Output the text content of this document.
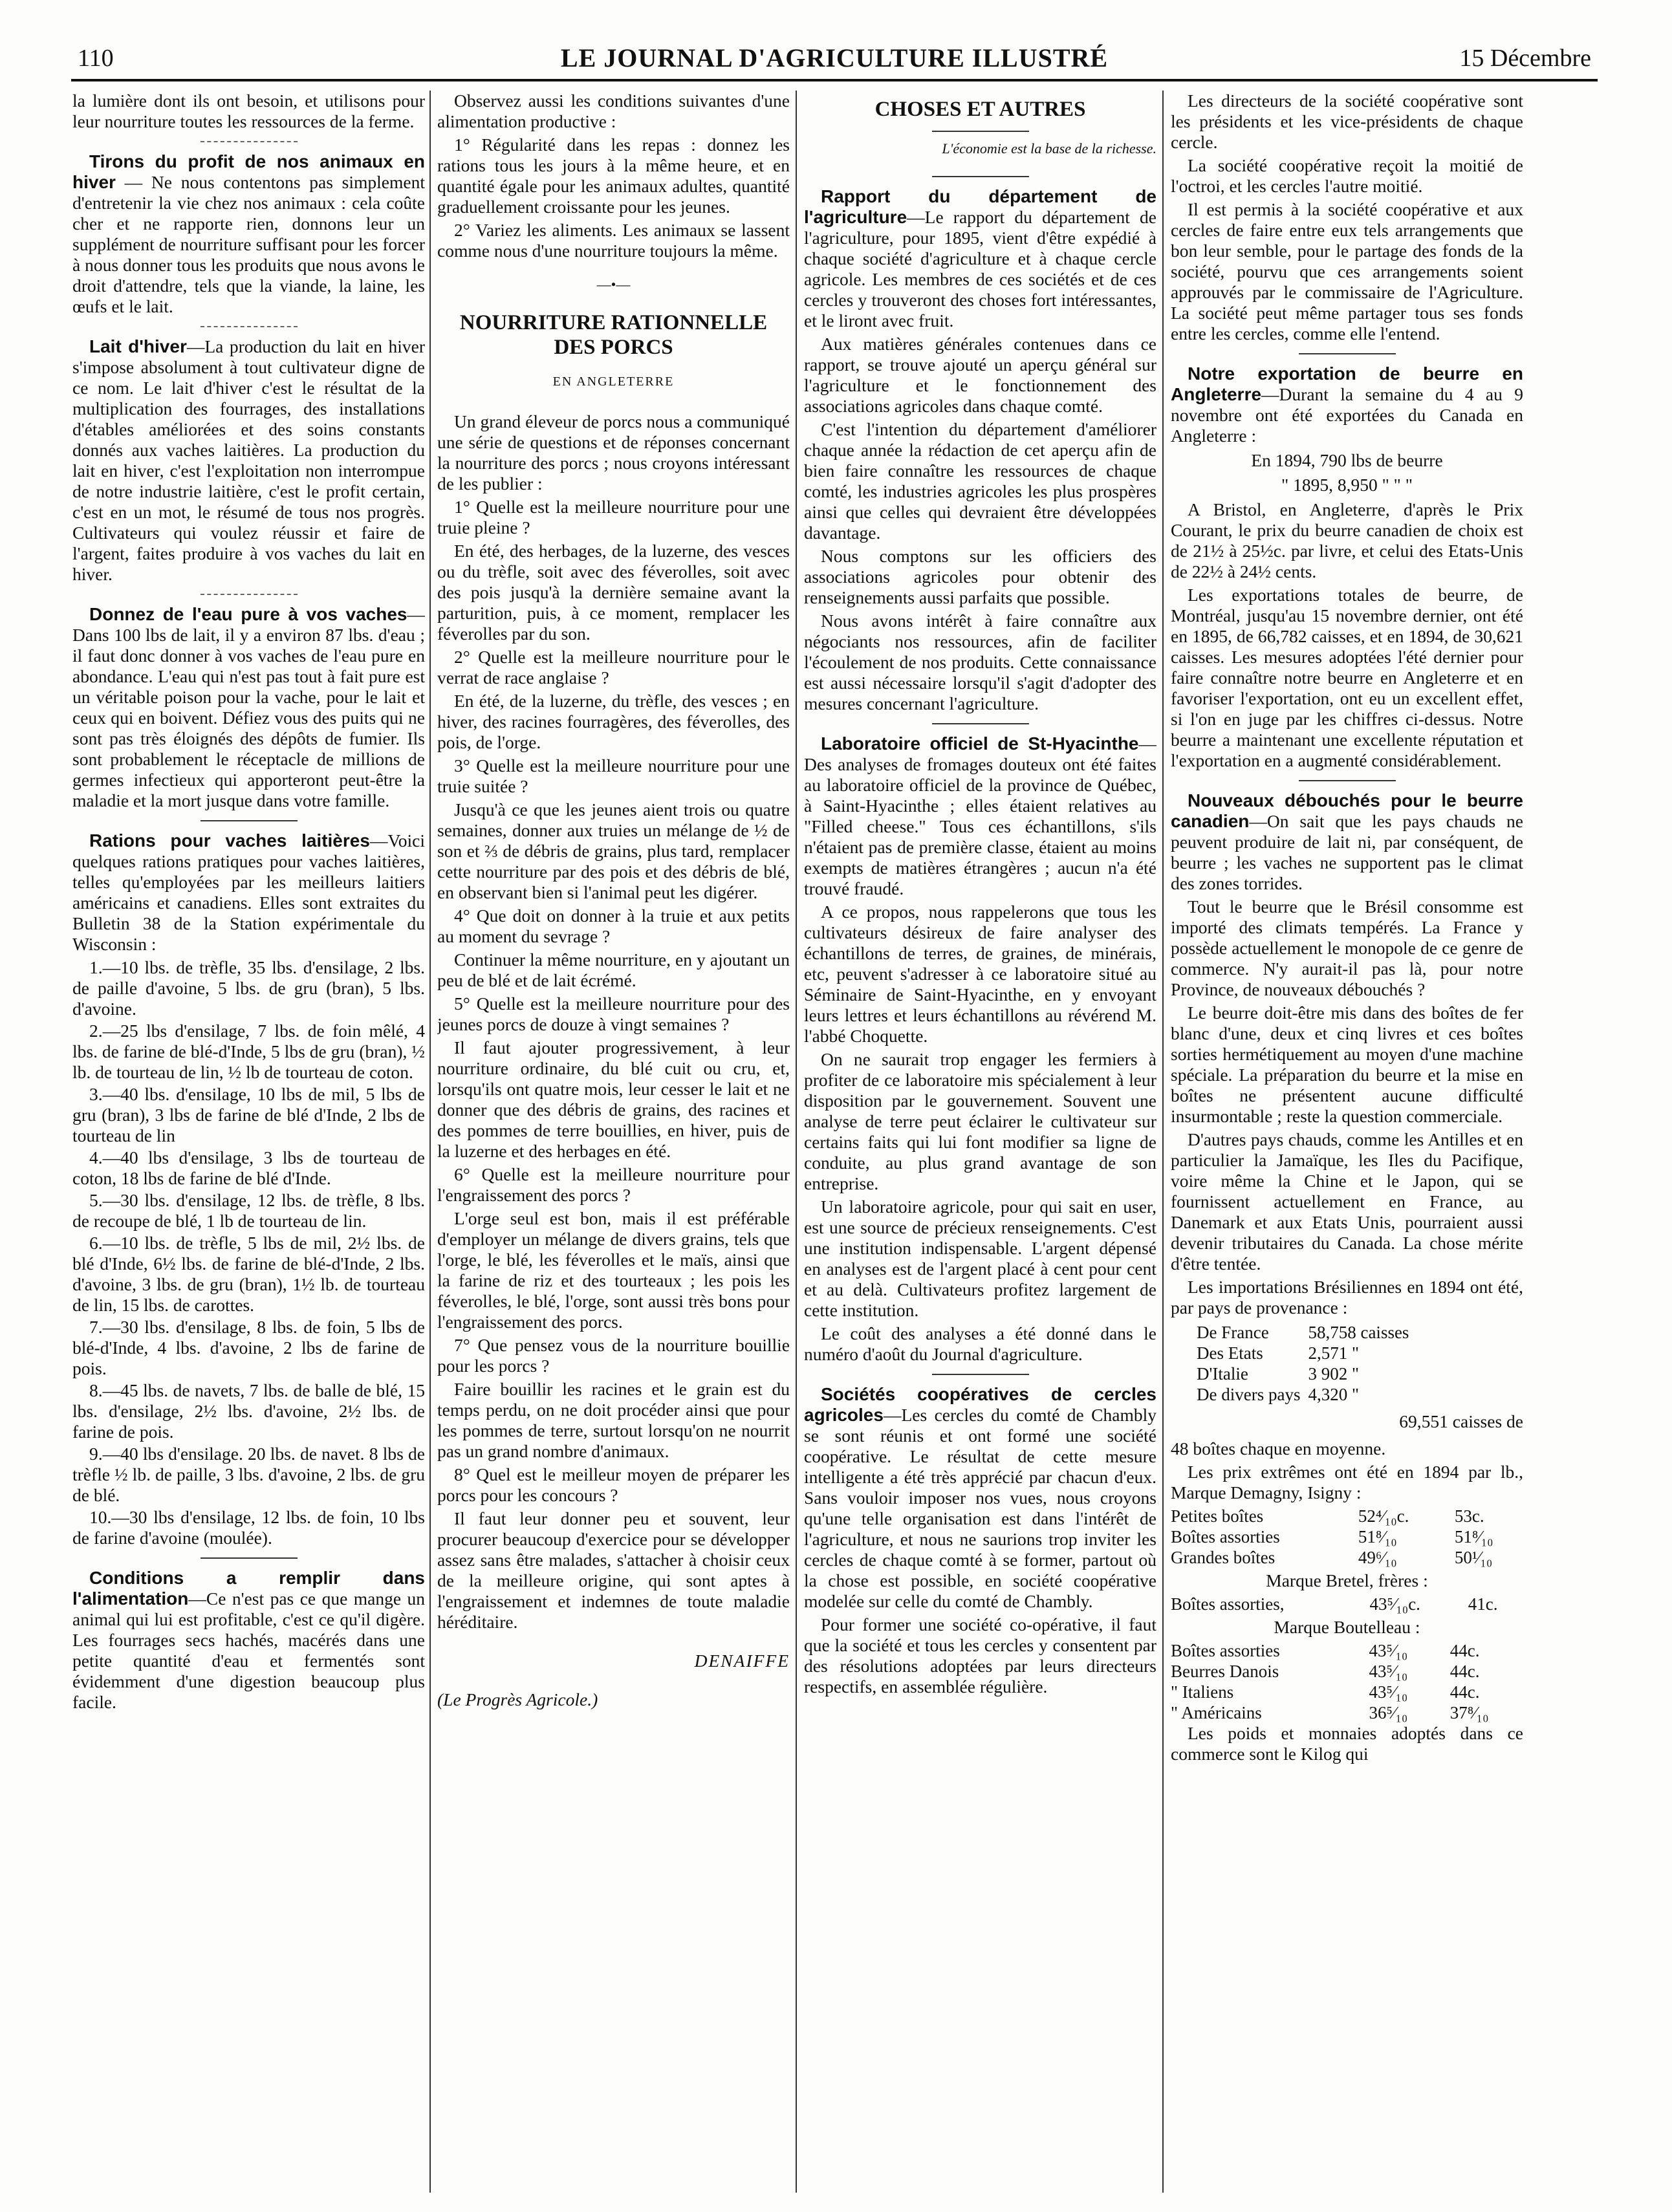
110	LE JOURNAL D'AGRICULTURE ILLUSTRÉ	15 Décembre

la lumière dont ils ont besoin, et utilisons pour leur nourriture toutes les ressources de la ferme.

Tirons du profit de nos animaux en hiver — Ne nous contentons pas simplement d'entretenir la vie chez nos animaux : cela coûte cher et ne rapporte rien, donnons leur un supplément de nourriture suffisant pour les forcer à nous donner tous les produits que nous avons le droit d'attendre, tels que la viande, la laine, les œufs et le lait.

Lait d'hiver—La production du lait en hiver s'impose absolument à tout cultivateur digne de ce nom. Le lait d'hiver c'est le résultat de la multiplication des fourrages, des installations d'étables améliorées et des soins constants donnés aux vaches laitières. La production du lait en hiver, c'est l'exploitation non interrompue de notre industrie laitière, c'est le profit certain, c'est en un mot, le résumé de tous nos progrès. Cultivateurs qui voulez réussir et faire de l'argent, faites produire à vos vaches du lait en hiver.

Donnez de l'eau pure à vos vaches—Dans 100 lbs de lait, il y a environ 87 lbs. d'eau ; il faut donc donner à vos vaches de l'eau pure en abondance. L'eau qui n'est pas tout à fait pure est un véritable poison pour la vache, pour le lait et ceux qui en boivent. Défiez vous des puits qui ne sont pas très éloignés des dépôts de fumier. Ils sont probablement le réceptacle de millions de germes infectieux qui apporteront peut-être la maladie et la mort jusque dans votre famille.

Rations pour vaches laitières—Voici quelques rations pratiques pour vaches laitières, telles qu'employées par les meilleurs laitiers américains et canadiens. Elles sont extraites du Bulletin 38 de la Station expérimentale du Wisconsin :

1.—10 lbs. de trèfle, 35 lbs. d'ensilage, 2 lbs. de paille d'avoine, 5 lbs. de gru (bran), 5 lbs. d'avoine.
2.—25 lbs d'ensilage, 7 lbs. de foin mêlé, 4 lbs. de farine de blé-d'Inde, 5 lbs de gru (bran), ½ lb. de tourteau de lin, ½ lb de tourteau de coton.
3.—40 lbs. d'ensilage, 10 lbs de mil, 5 lbs de gru (bran), 3 lbs de farine de blé d'Inde, 2 lbs de tourteau de lin
4.—40 lbs d'ensilage, 3 lbs de tourteau de coton, 18 lbs de farine de blé d'Inde.
5.—30 lbs. d'ensilage, 12 lbs. de trèfle, 8 lbs. de recoupe de blé, 1 lb de tourteau de lin.
6.—10 lbs. de trèfle, 5 lbs de mil, 2½ lbs. de blé d'Inde, 6½ lbs. de farine de blé-d'Inde, 2 lbs. d'avoine, 3 lbs. de gru (bran), 1½ lb. de tourteau de lin, 15 lbs. de carottes.
7.—30 lbs. d'ensilage, 8 lbs. de foin, 5 lbs de blé-d'Inde, 4 lbs. d'avoine, 2 lbs de farine de pois.
8.—45 lbs. de navets, 7 lbs. de balle de blé, 15 lbs. d'ensilage, 2½ lbs. d'avoine, 2½ lbs. de farine de pois.
9.—40 lbs d'ensilage. 20 lbs. de navet. 8 lbs de trèfle ½ lb. de paille, 3 lbs. d'avoine, 2 lbs. de gru de blé.
10.—30 lbs d'ensilage, 12 lbs. de foin, 10 lbs de farine d'avoine (moulée).

Conditions a remplir dans l'alimentation—Ce n'est pas ce que mange un animal qui lui est profitable, c'est ce qu'il digère. Les fourrages secs hachés, macérés dans une petite quantité d'eau et fermentés sont évidemment d'une digestion beaucoup plus facile.

Observez aussi les conditions suivantes d'une alimentation productive :

1° Régularité dans les repas : donnez les rations tous les jours à la même heure, et en quantité égale pour les animaux adultes, quantité graduellement croissante pour les jeunes.

2° Variez les aliments. Les animaux se lassent comme nous d'une nourriture toujours la même.

—•—
NOURRITURE RATIONNELLE DES PORCS
EN ANGLETERRE

Un grand éleveur de porcs nous a communiqué une série de questions et de réponses concernant la nourriture des porcs ; nous croyons intéressant de les publier :

1° Quelle est la meilleure nourriture pour une truie pleine ?

En été, des herbages, de la luzerne, des vesces ou du trèfle, soit avec des féverolles, soit avec des pois jusqu'à la dernière semaine avant la parturition, puis, à ce moment, remplacer les féverolles par du son.

2° Quelle est la meilleure nourriture pour le verrat de race anglaise ?

En été, de la luzerne, du trèfle, des vesces ; en hiver, des racines fourragères, des féverolles, des pois, de l'orge.

3° Quelle est la meilleure nourriture pour une truie suitée ?

Jusqu'à ce que les jeunes aient trois ou quatre semaines, donner aux truies un mélange de ½ de son et ⅔ de débris de grains, plus tard, remplacer cette nourriture par des pois et des débris de blé, en observant bien si l'animal peut les digérer.

4° Que doit on donner à la truie et aux petits au moment du sevrage ?

Continuer la même nourriture, en y ajoutant un peu de blé et de lait écrémé.

5° Quelle est la meilleure nourriture pour des jeunes porcs de douze à vingt semaines ?

Il faut ajouter progressivement, à leur nourriture ordinaire, du blé cuit ou cru, et, lorsqu'ils ont quatre mois, leur cesser le lait et ne donner que des débris de grains, des racines et des pommes de terre bouillies, en hiver, puis de la luzerne et des herbages en été.

6° Quelle est la meilleure nourriture pour l'engraissement des porcs ?

L'orge seul est bon, mais il est préférable d'employer un mélange de divers grains, tels que l'orge, le blé, les féverolles et le maïs, ainsi que la farine de riz et des tourteaux ; les pois les féverolles, le blé, l'orge, sont aussi très bons pour l'engraissement des porcs.

7° Que pensez vous de la nourriture bouillie pour les porcs ?

Faire bouillir les racines et le grain est du temps perdu, on ne doit procéder ainsi que pour les pommes de terre, surtout lorsqu'on ne nourrit pas un grand nombre d'animaux.

8° Quel est le meilleur moyen de préparer les porcs pour les concours ?

Il faut leur donner peu et souvent, leur procurer beaucoup d'exercice pour se développer assez sans être malades, s'attacher à choisir ceux de la meilleure origine, qui sont aptes à l'engraissement et indemnes de toute maladie héréditaire.

DENAIFFE
(Le Progrès Agricole.)
CHOSES ET AUTRES
L'économie est la base de la richesse.

Rapport du département de l'agriculture—Le rapport du département de l'agriculture, pour 1895, vient d'être expédié à chaque société d'agriculture et à chaque cercle agricole. Les membres de ces sociétés et de ces cercles y trouveront des choses fort intéressantes, et le liront avec fruit.

Aux matières générales contenues dans ce rapport, se trouve ajouté un aperçu général sur l'agriculture et le fonctionnement des associations agricoles dans chaque comté.

C'est l'intention du département d'améliorer chaque année la rédaction de cet aperçu afin de bien faire connaître les ressources de chaque comté, les industries agricoles les plus prospères ainsi que celles qui devraient être développées davantage.

Nous comptons sur les officiers des associations agricoles pour obtenir des renseignements aussi parfaits que possible.

Nous avons intérêt à faire connaître aux négociants nos ressources, afin de faciliter l'écoulement de nos produits. Cette connaissance est aussi nécessaire lorsqu'il s'agit d'adopter des mesures concernant l'agriculture.

Laboratoire officiel de St-Hyacinthe—Des analyses de fromages douteux ont été faites au laboratoire officiel de la province de Québec, à Saint-Hyacinthe ; elles étaient relatives au "Filled cheese." Tous ces échantillons, s'ils n'étaient pas de première classe, étaient au moins exempts de matières étrangères ; aucun n'a été trouvé fraudé.

A ce propos, nous rappelerons que tous les cultivateurs désireux de faire analyser des échantillons de terres, de graines, de minérais, etc, peuvent s'adresser à ce laboratoire situé au Séminaire de Saint-Hyacinthe, en y envoyant leurs lettres et leurs échantillons au révérend M. l'abbé Choquette.

On ne saurait trop engager les fermiers à profiter de ce laboratoire mis spécialement à leur disposition par le gouvernement. Souvent une analyse de terre peut éclairer le cultivateur sur certains faits qui lui font modifier sa ligne de conduite, au plus grand avantage de son entreprise.

Un laboratoire agricole, pour qui sait en user, est une source de précieux renseignements. C'est une institution indispensable. L'argent dépensé en analyses est de l'argent placé à cent pour cent et au delà. Cultivateurs profitez largement de cette institution.

Le coût des analyses a été donné dans le numéro d'août du Journal d'agriculture.

Sociétés coopératives de cercles agricoles—Les cercles du comté de Chambly se sont réunis et ont formé une société coopérative. Le résultat de cette mesure intelligente a été très apprécié par chacun d'eux. Sans vouloir imposer nos vues, nous croyons qu'une telle organisation est dans l'intérêt de l'agriculture, et nous ne saurions trop inviter les cercles de chaque comté à se former, partout où la chose est possible, en société coopérative modelée sur celle du comté de Chambly.

Pour former une société co-opérative, il faut que la société et tous les cercles y consentent par des résolutions adoptées par leurs directeurs respectifs, en assemblée régulière.

Les directeurs de la société coopérative sont les présidents et les vice-présidents de chaque cercle.

La société coopérative reçoit la moitié de l'octroi, et les cercles l'autre moitié.

Il est permis à la société coopérative et aux cercles de faire entre eux tels arrangements que bon leur semble, pour le partage des fonds de la société, pourvu que ces arrangements soient approuvés par le commissaire de l'Agriculture. La société peut même partager tous ses fonds entre les cercles, comme elle l'entend.

Notre exportation de beurre en Angleterre—Durant la semaine du 4 au 9 novembre ont été exportées du Canada en Angleterre :

En 1894, 790 lbs de beurre
" 1895, 8,950 " " "

A Bristol, en Angleterre, d'après le Prix Courant, le prix du beurre canadien de choix est de 21½ à 25½c. par livre, et celui des Etats-Unis de 22½ à 24½ cents.

Les exportations totales de beurre, de Montréal, jusqu'au 15 novembre dernier, ont été en 1895, de 66,782 caisses, et en 1894, de 30,621 caisses. Les mesures adoptées l'été dernier pour faire connaître notre beurre en Angleterre et en favoriser l'exportation, ont eu un excellent effet, si l'on en juge par les chiffres ci-dessus. Notre beurre a maintenant une excellente réputation et l'exportation en a augmenté considérablement.

Nouveaux débouchés pour le beurre canadien—On sait que les pays chauds ne peuvent produire de lait ni, par conséquent, de beurre ; les vaches ne supportent pas le climat des zones torrides.

Tout le beurre que le Brésil consomme est importé des climats tempérés. La France y possède actuellement le monopole de ce genre de commerce. N'y aurait-il pas là, pour notre Province, de nouveaux débouchés ?

Le beurre doit-être mis dans des boîtes de fer blanc d'une, deux et cinq livres et ces boîtes sorties hermétiquement au moyen d'une machine spéciale. La préparation du beurre et la mise en boîtes ne présentent aucune difficulté insurmontable ; reste la question commerciale.

D'autres pays chauds, comme les Antilles et en particulier la Jamaïque, les Iles du Pacifique, voire même la Chine et le Japon, qui se fournissent actuellement en France, au Danemark et aux Etats Unis, pourraient aussi devenir tributaires du Canada. La chose mérite d'être tentée.

Les importations Brésiliennes en 1894 ont été, par pays de provenance :

De France	58,758 caisses
Des Etats	2,571 "
D'Italie	3 902 "
De divers pays	4,320 "
69,551 caisses de

48 boîtes chaque en moyenne.

Les prix extrêmes ont été en 1894 par lb., Marque Demagny, Isigny :

Petites boîtes	52⁴⁄₁₀c.	53c.
Boîtes assorties	51⁸⁄₁₀	51⁸⁄₁₀
Grandes boîtes	49⁶⁄₁₀	50¹⁄₁₀
Marque Bretel, frères :
Boîtes assorties,	43⁵⁄₁₀c.	41c.
Marque Boutelleau :
Boîtes assorties	43⁵⁄₁₀	44c.
Beurres Danois	43⁵⁄₁₀	44c.
" Italiens	43⁵⁄₁₀	44c.
" Américains	36⁵⁄₁₀	37⁸⁄₁₀

Les poids et monnaies adoptés dans ce commerce sont le Kilog qui
